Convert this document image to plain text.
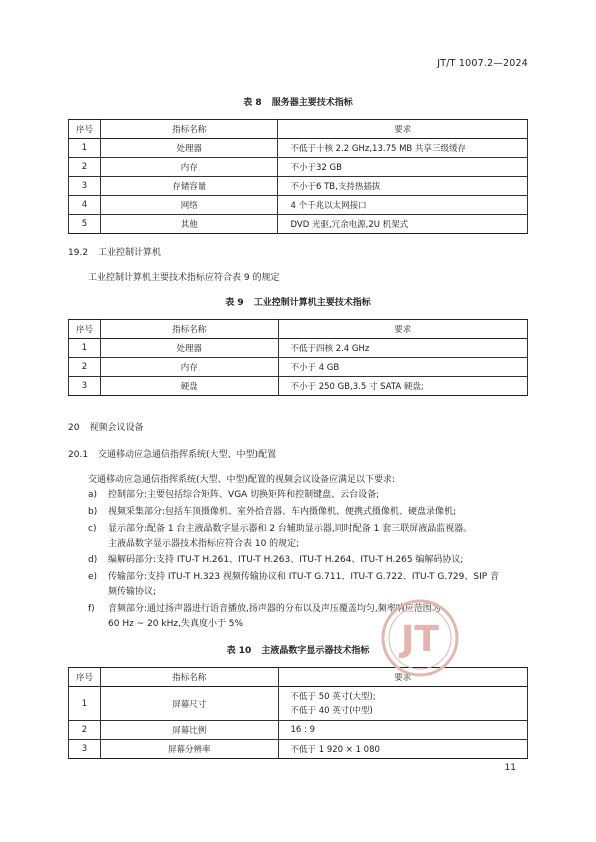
JT/T 1007.2—2024
表 8 服务器主要技术指标
序号	指标名称	要求
1	处理器	不低于十核 2.2 GHz,13.75 MB 共享三级缓存
2	内存	不小于32 GB
3	存储容量	不小于6 TB,支持热插拔
4	网络	4 个千兆以太网接口
5	其他	DVD 光驱,冗余电源,2U 机架式
19.2 工业控制计算机
工业控制计算机主要技术指标应符合表 9 的规定
表 9 工业控制计算机主要技术指标
序号	指标名称	要求
1	处理器	不低于四核 2.4 GHz
2	内存	不小于 4 GB
3	硬盘	不小于 250 GB,3.5 寸 SATA 硬盘;
20 视频会议设备
20.1 交通移动应急通信指挥系统(大型、中型)配置
交通移动应急通信指挥系统(大型、中型)配置的视频会议设备应满足以下要求:
a)	控制部分:主要包括综合矩阵、VGA 切换矩阵和控制键盘、云台设备;
b)	视频采集部分:包括车顶摄像机、室外拾音器、车内摄像机、便携式摄像机、硬盘录像机;
c)	显示部分:配备 1 台主液晶数字显示器和 2 台辅助显示器,同时配备 1 套三联屏液晶监视器。
主液晶数字显示器技术指标应符合表 10 的规定;
d)	编解码部分:支持 ITU-T H.261、ITU-T H.263、ITU-T H.264、ITU-T H.265 编解码协议;
e)	传输部分:支持 ITU-T H.323 视频传输协议和 ITU-T G.711、ITU-T G.722、ITU-T G.729、SIP 音
频传输协议;
f)	音频部分:通过扬声器进行语音播放,扬声器的分布以及声压覆盖均匀,频率响应范围为
60 Hz ~ 20 kHz,失真度小于 5%
表 10 主液晶数字显示器技术指标
序号	指标名称	要求
1	屏幕尺寸	不低于 50 英寸(大型);
不低于 40 英寸(中型)

2	屏幕比例	16 : 9
3	屏幕分辨率	不低于 1 920 × 1 080
JT
11
